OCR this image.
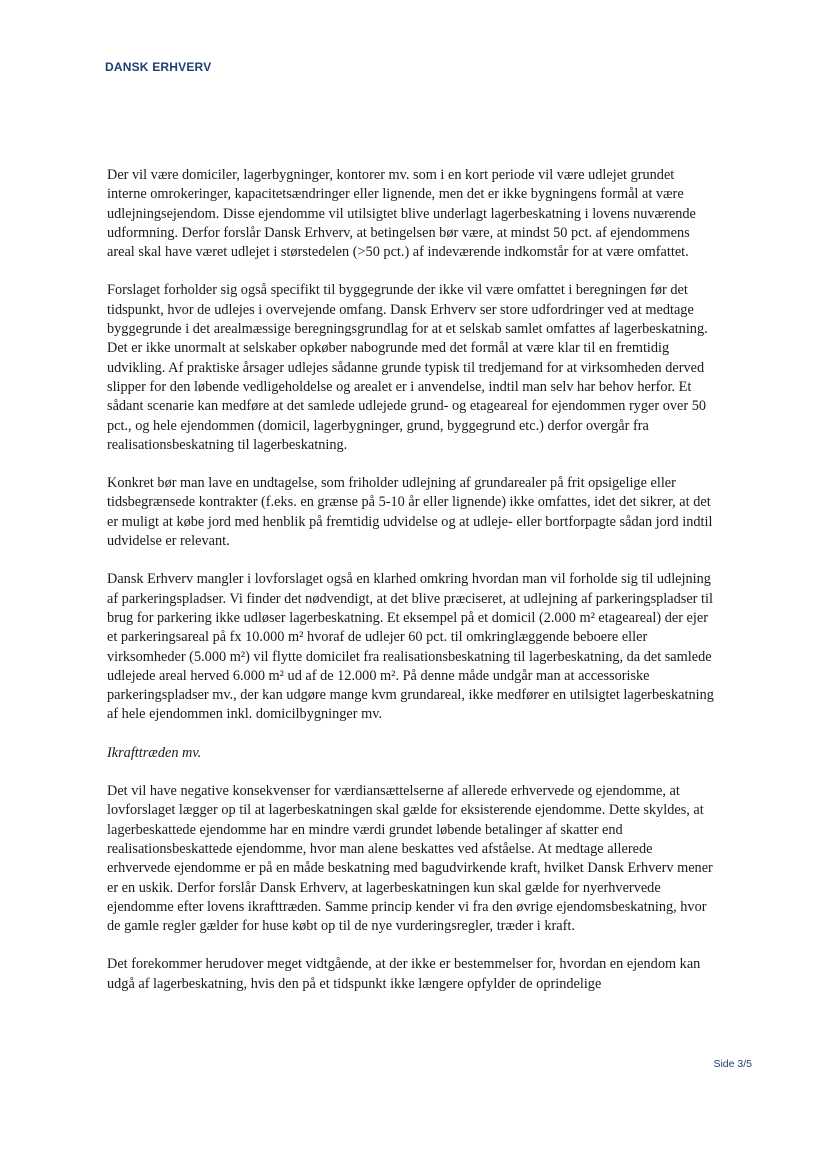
DANSK ERHVERV

Der vil være domiciler, lagerbygninger, kontorer mv. som i en kort periode vil være udlejet grundet interne omrokeringer, kapacitetsændringer eller lignende, men det er ikke bygningens formål at være udlejningsejendom. Disse ejendomme vil utilsigtet blive underlagt lagerbeskatning i lovens nuværende udformning. Derfor forslår Dansk Erhverv, at betingelsen bør være, at mindst 50 pct. af ejendommens areal skal have været udlejet i størstedelen (>50 pct.) af indeværende indkomstår for at være omfattet.

Forslaget forholder sig også specifikt til byggegrunde der ikke vil være omfattet i beregningen før det tidspunkt, hvor de udlejes i overvejende omfang. Dansk Erhverv ser store udfordringer ved at medtage byggegrunde i det arealmæssige beregningsgrundlag for at et selskab samlet omfattes af lagerbeskatning. Det er ikke unormalt at selskaber opkøber nabogrunde med det formål at være klar til en fremtidig udvikling. Af praktiske årsager udlejes sådanne grunde typisk til tredjemand for at virksomheden derved slipper for den løbende vedligeholdelse og arealet er i anvendelse, indtil man selv har behov herfor. Et sådant scenarie kan medføre at det samlede udlejede grund- og etageareal for ejendommen ryger over 50 pct., og hele ejendommen (domicil, lagerbygninger, grund, byggegrund etc.) derfor overgår fra realisationsbeskatning til lagerbeskatning.

Konkret bør man lave en undtagelse, som friholder udlejning af grundarealer på frit opsigelige eller tidsbegrænsede kontrakter (f.eks. en grænse på 5-10 år eller lignende) ikke omfattes, idet det sikrer, at det er muligt at købe jord med henblik på fremtidig udvidelse og at udleje- eller bortforpagte sådan jord indtil udvidelse er relevant.

Dansk Erhverv mangler i lovforslaget også en klarhed omkring hvordan man vil forholde sig til udlejning af parkeringspladser. Vi finder det nødvendigt, at det blive præciseret, at udlejning af parkeringspladser til brug for parkering ikke udløser lagerbeskatning. Et eksempel på et domicil (2.000 m² etageareal) der ejer et parkeringsareal på fx 10.000 m² hvoraf de udlejer 60 pct. til omkringlæggende beboere eller virksomheder (5.000 m²) vil flytte domicilet fra realisationsbeskatning til lagerbeskatning, da det samlede udlejede areal herved 6.000 m² ud af de 12.000 m². På denne måde undgår man at accessoriske parkeringspladser mv., der kan udgøre mange kvm grundareal, ikke medfører en utilsigtet lagerbeskatning af hele ejendommen inkl. domicilbygninger mv.

Ikrafttræden mv.

Det vil have negative konsekvenser for værdiansættelserne af allerede erhvervede og ejendomme, at lovforslaget lægger op til at lagerbeskatningen skal gælde for eksisterende ejendomme. Dette skyldes, at lagerbeskattede ejendomme har en mindre værdi grundet løbende betalinger af skatter end realisationsbeskattede ejendomme, hvor man alene beskattes ved afståelse. At medtage allerede erhvervede ejendomme er på en måde beskatning med bagudvirkende kraft, hvilket Dansk Erhverv mener er en uskik. Derfor forslår Dansk Erhverv, at lagerbeskatningen kun skal gælde for nyerhvervede ejendomme efter lovens ikrafttræden. Samme princip kender vi fra den øvrige ejendomsbeskatning, hvor de gamle regler gælder for huse købt op til de nye vurderingsregler, træder i kraft.

Det forekommer herudover meget vidtgående, at der ikke er bestemmelser for, hvordan en ejendom kan udgå af lagerbeskatning, hvis den på et tidspunkt ikke længere opfylder de oprindelige

Side 3/5
